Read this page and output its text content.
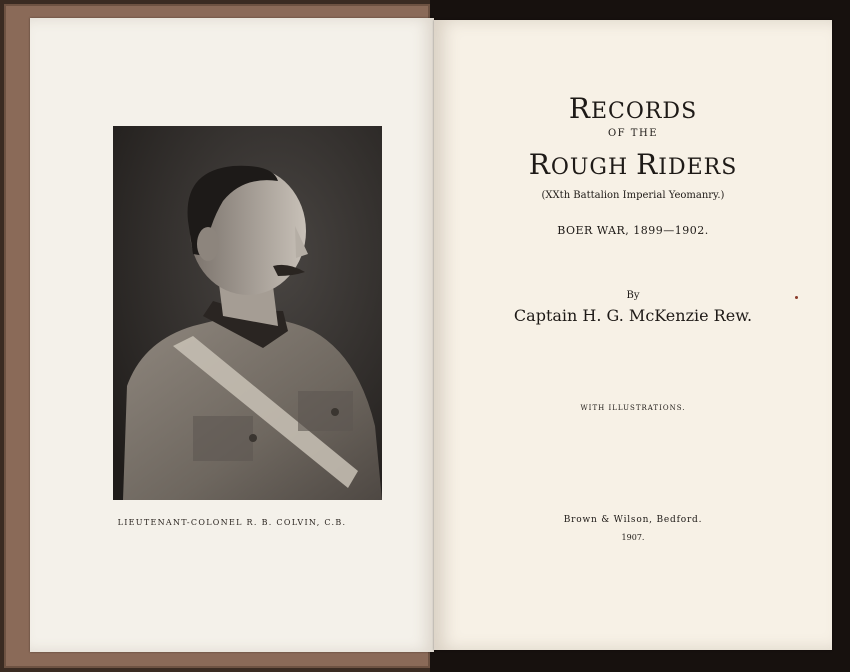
LIEUTENANT-COLONEL R. B. COLVIN, C.B.
RECORDS
OF THE
ROUGH RIDERS
(XXth Battalion Imperial Yeomanry.)
BOER WAR, 1899—1902.
By
Captain H. G. McKenzie Rew.
WITH ILLUSTRATIONS.
Brown & Wilson, Bedford.
1907.
